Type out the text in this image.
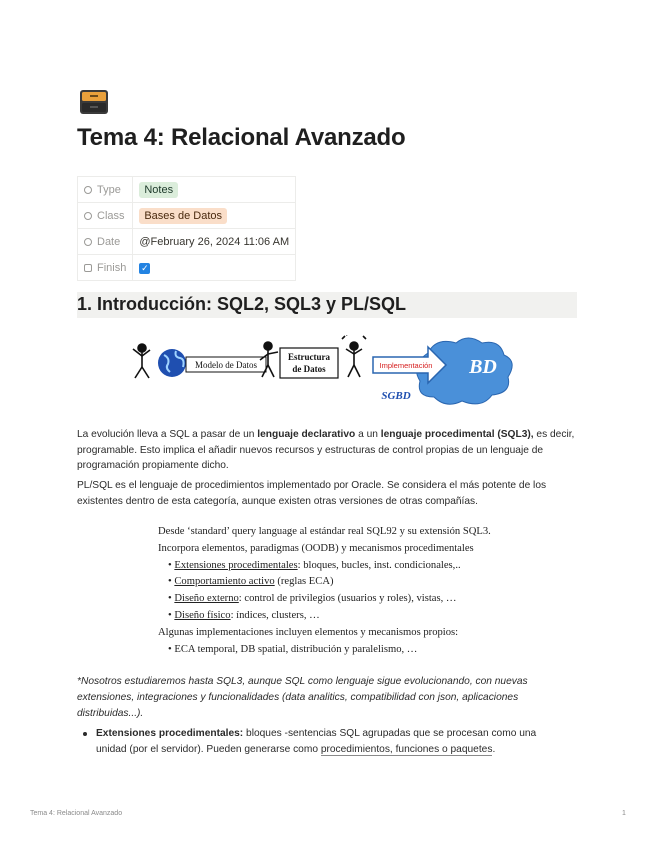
Tema 4: Relacional Avanzado
Type	Notes
Class	Bases de Datos
Date	@February 26, 2024 11:06 AM
Finish	✓
1. Introducción: SQL2, SQL3 y PL/SQL
Modelo de Datos
Estructura
de Datos	BD
Implementación
SGBD

La evolución lleva a SQL a pasar de un lenguaje declarativo a un lenguaje procedimental (SQL3), es decir, programable. Esto implica el añadir nuevos recursos y estructuras de control propias de un lenguaje de programación propiamente dicho.

PL/SQL es el lenguaje de procedimientos implementado por Oracle. Se considera el más potente de los existentes dentro de esta categoría, aunque existen otras versiones de otras compañías.

Desde ‘standard’ query language al estándar real SQL92 y su extensión SQL3.
Incorpora elementos, paradigmas (OODB) y mecanismos procedimentales
• Extensiones procedimentales: bloques, bucles, inst. condicionales,..
• Comportamiento activo (reglas ECA)
• Diseño externo: control de privilegios (usuarios y roles), vistas, …
• Diseño físico: índices, clusters, …
Algunas implementaciones incluyen elementos y mecanismos propios:
• ECA temporal, DB spatial, distribución y paralelismo, …
*Nosotros estudiaremos hasta SQL3, aunque SQL como lenguaje sigue evolucionando, con nuevas extensiones, integraciones y funcionalidades (data analitics, compatibilidad con json, aplicaciones distribuidas...).
Extensiones procedimentales: bloques -sentencias SQL agrupadas que se procesan como una unidad (por el servidor). Pueden generarse como procedimientos, funciones o paquetes.
Tema 4: Relacional Avanzado	1
